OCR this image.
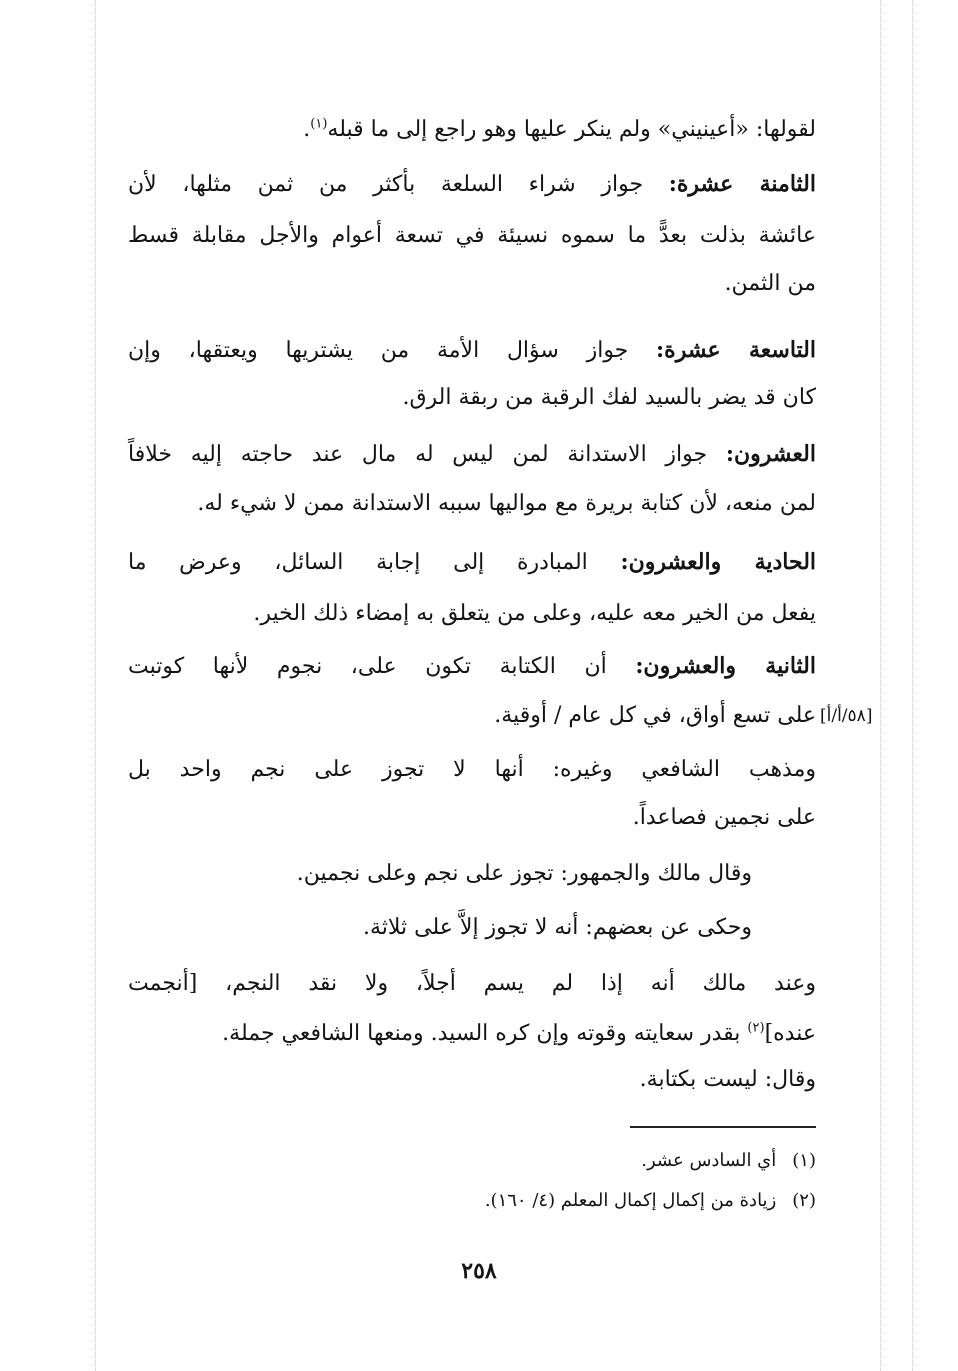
لقولها: «أعينيني» ولم ينكر عليها وهو راجع إلى ما قبله$^{(١)}$.
الثامنة عشرة: جواز شراء السلعة بأكثر من ثمن مثلها، لأن
عائشة بذلت بعدًّ ما سموه نسيئة في تسعة أعوام والأجل مقابلة قسط
من الثمن.
التاسعة عشرة: جواز سؤال الأمة من يشتريها ويعتقها، وإن
كان قد يضر بالسيد لفك الرقبة من ربقة الرق.
العشرون: جواز الاستدانة لمن ليس له مال عند حاجته إليه خلافاً
لمن منعه، لأن كتابة بريرة مع مواليها سببه الاستدانة ممن لا شيء له.
الحادية والعشرون: المبادرة إلى إجابة السائل، وعرض ما
يفعل من الخير معه عليه، وعلى من يتعلق به إمضاء ذلك الخير.
الثانية والعشرون: أن الكتابة تكون على، نجوم لأنها كوتبت
على تسع أواق، في كل عام / أوقية.
ومذهب الشافعي وغيره: أنها لا تجوز على نجم واحد بل
على نجمين فصاعداً.
وقال مالك والجمهور: تجوز على نجم وعلى نجمين.
وحكى عن بعضهم: أنه لا تجوز إلاَّ على ثلاثة.
وعند مالك أنه إذا لم يسم أجلاً، ولا نقد النجم، [أنجمت
عنده]$^{(٢)}$ بقدر سعايته وقوته وإن كره السيد. ومنعها الشافعي جملة.
وقال: ليست بكتابة.
[٥٨/أ/أ]
(١) أي السادس عشر.
(٢) زيادة من إكمال إكمال المعلم (٤/ ١٦٠).
٢٥٨
